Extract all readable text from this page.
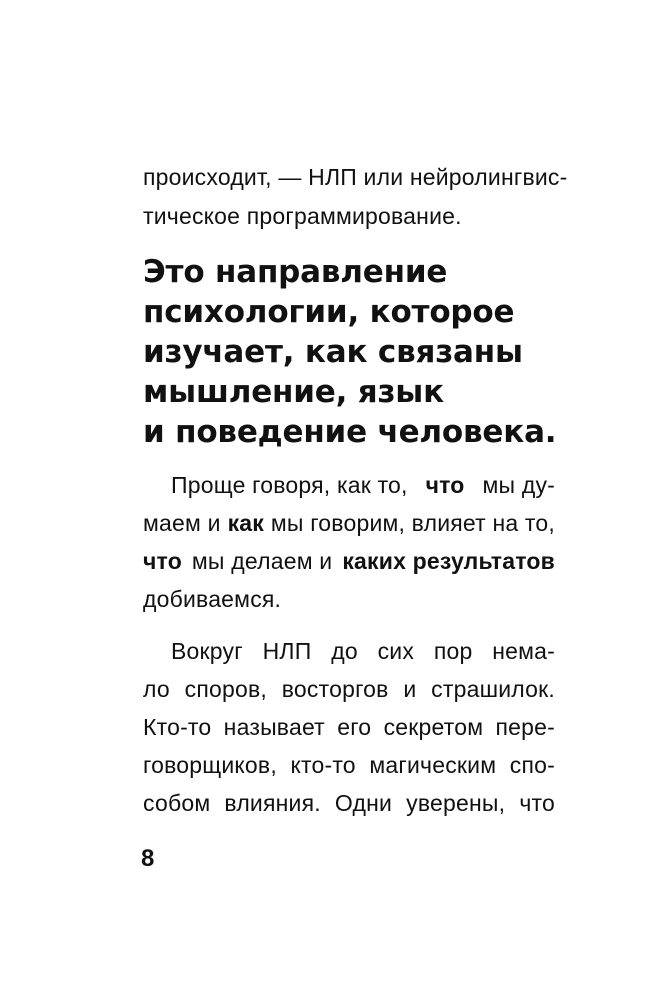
происходит, — НЛП или нейролингвис-
тическое программирование.
Это направление
психологии, которое
изучает, как связаны
мышление, язык
и поведение человека.
Проще говоря, как то, что мы ду-
маем и как мы говорим, влияет на то,
что мы делаем и каких результатов
добиваемся.
Вокруг НЛП до сих пор нема-
ло споров, восторгов и страшилок.
Кто-то называет его секретом пере-
говорщиков, кто-то магическим спо-
собом влияния. Одни уверены, что
8
